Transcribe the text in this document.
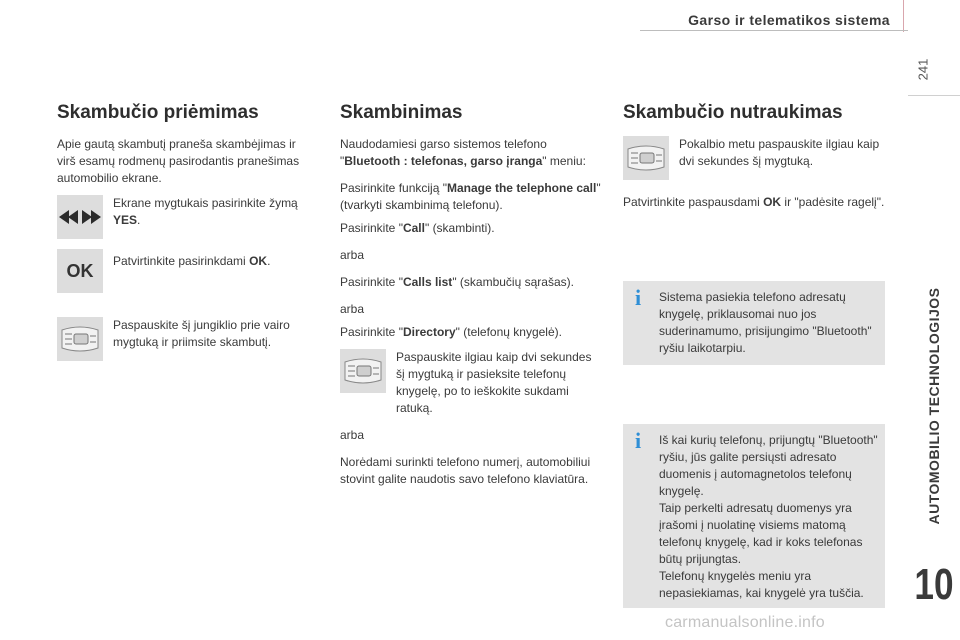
Garso ir telematikos sistema
241
AUTOMOBILIO TECHNOLOGIJOS
10
Skambučio priėmimas

Apie gautą skambutį praneša skambėjimas ir virš esamų rodmenų pasirodantis pranešimas automobilio ekrane.

Ekrane mygtukais pasirinkite žymą YES.

OK Patvirtinkite pasirinkdami OK.

Paspauskite šį jungiklio prie vairo mygtuką ir priimsite skambutį.

Skambinimas

Naudodamiesi garso sistemos telefono "Bluetooth : telefonas, garso įranga" meniu:

Pasirinkite funkciją "Manage the telephone call" (tvarkyti skambinimą telefonu).

Pasirinkite "Call" (skambinti).

arba

Pasirinkite "Calls list" (skambučių sąrašas).

arba

Pasirinkite "Directory" (telefonų knygelė).

Paspauskite ilgiau kaip dvi sekundes šį mygtuką ir pasieksite telefonų knygelę, po to ieškokite sukdami ratuką.

arba

Norėdami surinkti telefono numerį, automobiliui stovint galite naudotis savo telefono klaviatūra.

Skambučio nutraukimas

Pokalbio metu paspauskite ilgiau kaip dvi sekundes šį mygtuką.

Patvirtinkite paspausdami OK ir "padėsite ragelį".

i Sistema pasiekia telefono adresatų knygelę, priklausomai nuo jos suderinamumo, prisijungimo "Bluetooth" ryšiu laikotarpiu.

i Iš kai kurių telefonų, prijungtų "Bluetooth" ryšiu, jūs galite persiųsti adresato duomenis į automagnetolos telefonų knygelę.

Taip perkelti adresatų duomenys yra įrašomi į nuolatinę visiems matomą telefonų knygelę, kad ir koks telefonas būtų prijungtas.

Telefonų knygelės meniu yra nepasiekiamas, kai knygelė yra tuščia.

carmanualsonline.info
